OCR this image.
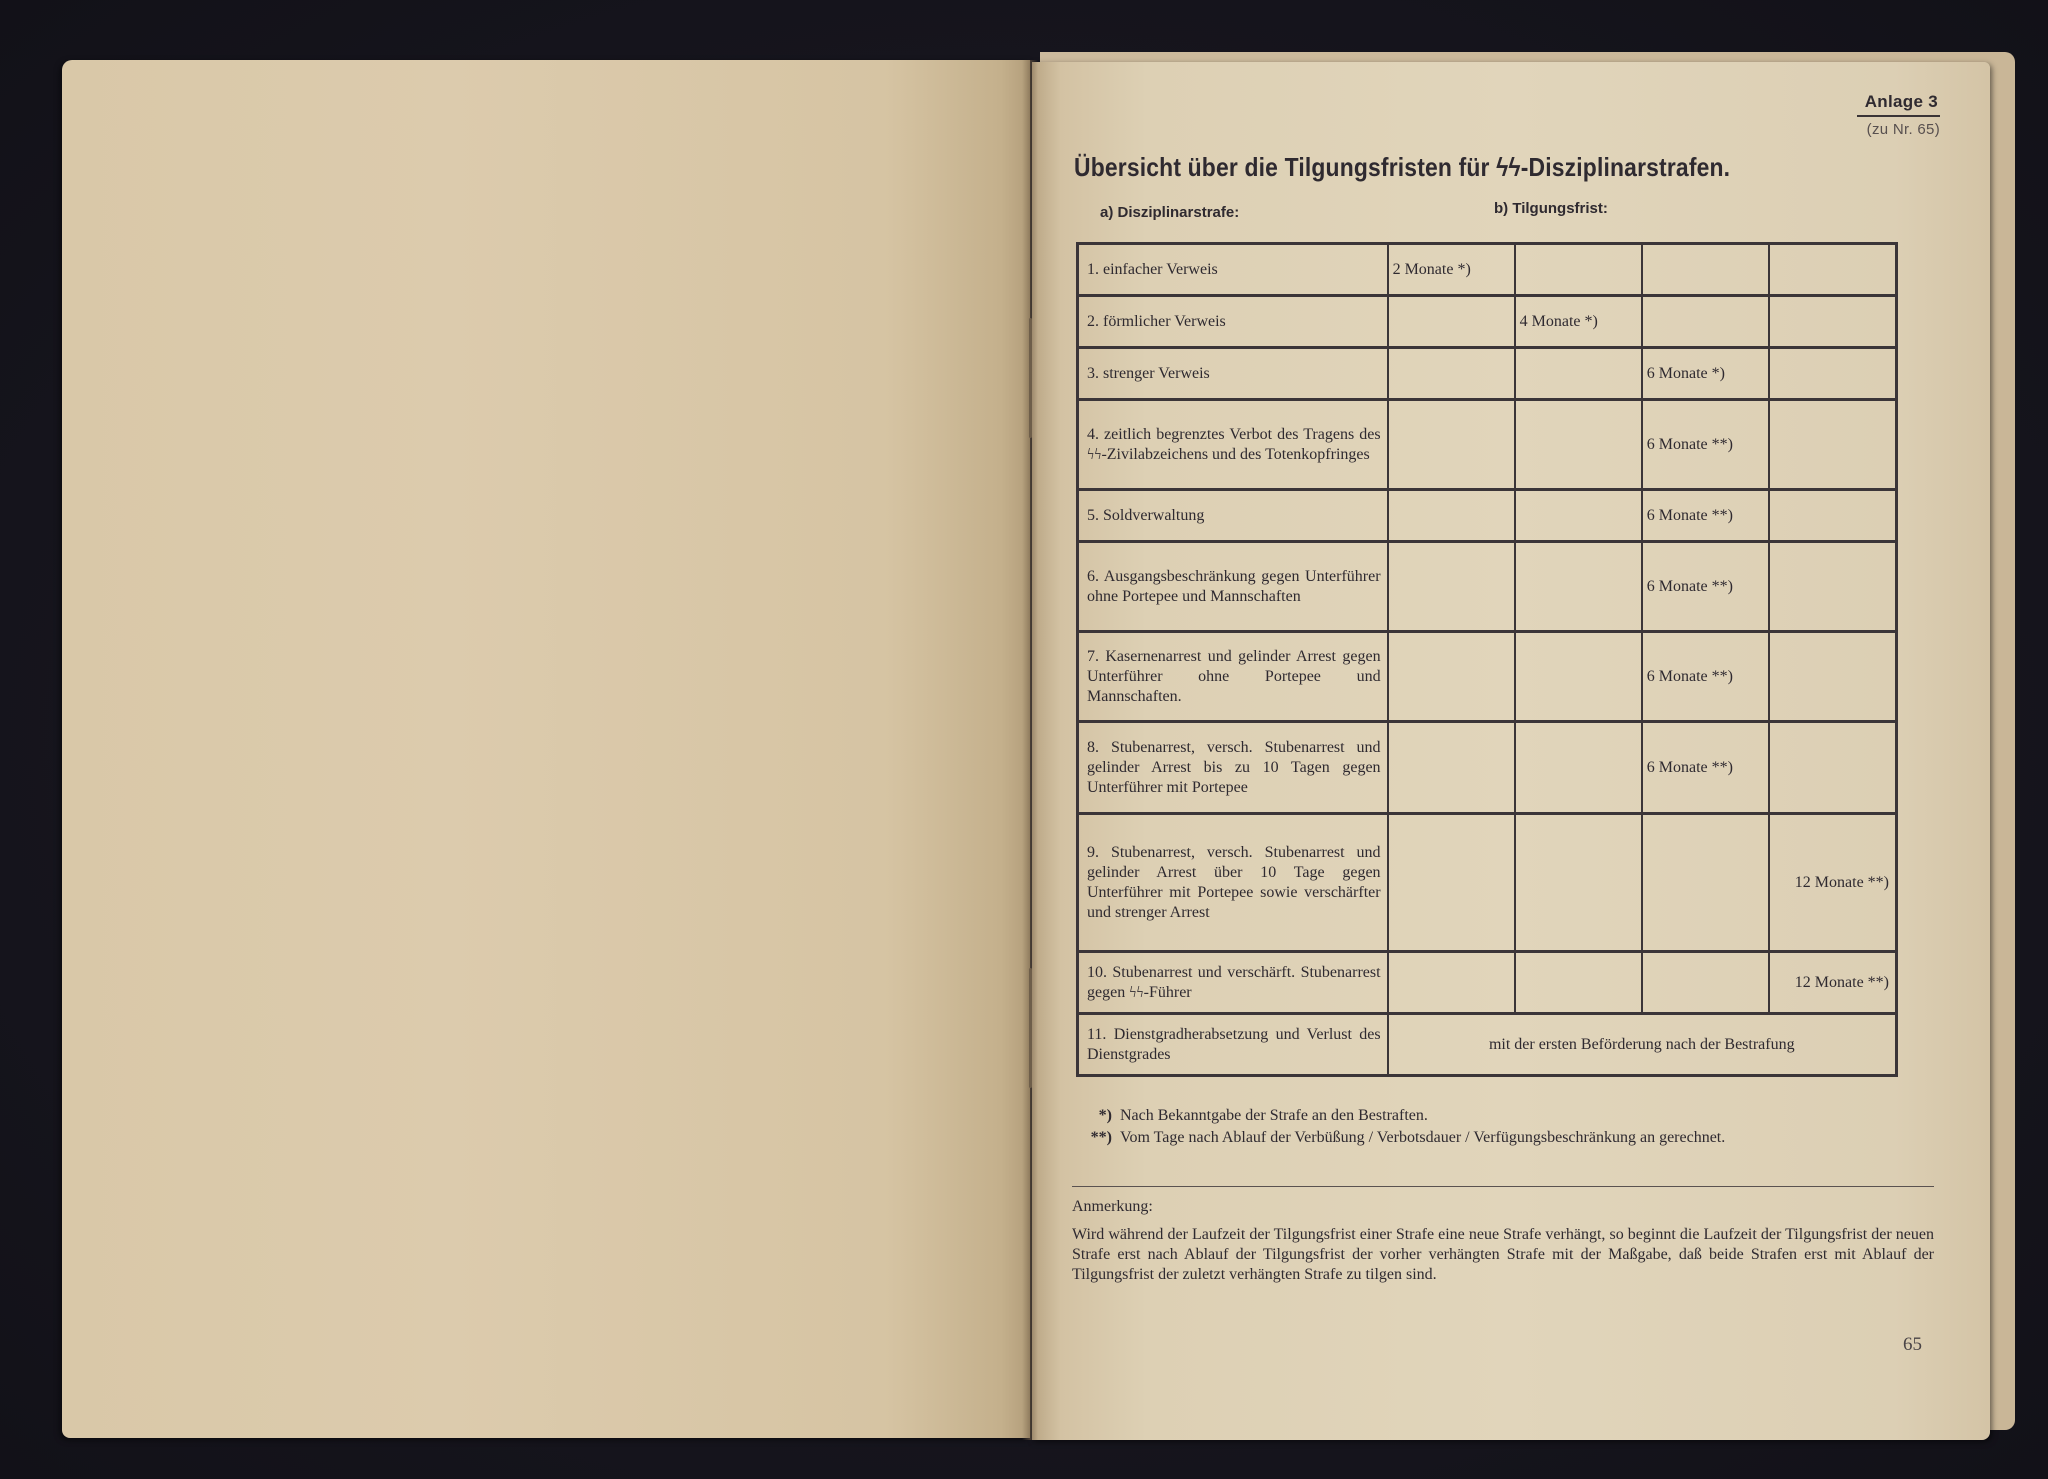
Anlage 3
(zu Nr. 65)
Übersicht über die Tilgungsfristen für ϟϟ-Disziplinarstrafen.
a) Disziplinarstrafe:	b) Tilgungsfrist:
1. einfacher Verweis	2 Monate *)			
2. förmlicher Verweis		4 Monate *)		
3. strenger Verweis			6 Monate *)	
4. zeitlich begrenztes Verbot des Tragens des ϟϟ-Zivilabzeichens und des Totenkopfringes			6 Monate **)	
5. Soldverwaltung			6 Monate **)	
6. Ausgangsbeschränkung gegen Unterführer ohne Portepee und Mannschaften			6 Monate **)	
7. Kasernenarrest und gelinder Arrest gegen Unterführer ohne Portepee und Mannschaften.			6 Monate **)	
8. Stubenarrest, versch. Stubenarrest und gelinder Arrest bis zu 10 Tagen gegen Unterführer mit Portepee			6 Monate **)	
9. Stubenarrest, versch. Stubenarrest und gelinder Arrest über 10 Tage gegen Unterführer mit Portepee sowie verschärfter und strenger Arrest				12 Monate **)
10. Stubenarrest und verschärft. Stubenarrest gegen ϟϟ-Führer				12 Monate **)
11. Dienstgradherabsetzung und Verlust des Dienstgrades	mit der ersten Beförderung nach der Bestrafung			
*) Nach Bekanntgabe der Strafe an den Bestraften.
**) Vom Tage nach Ablauf der Verbüßung / Verbotsdauer / Verfügungsbeschränkung an gerechnet.
Anmerkung:
Wird während der Laufzeit der Tilgungsfrist einer Strafe eine neue Strafe verhängt, so beginnt die Laufzeit der Tilgungsfrist der neuen Strafe erst nach Ablauf der Tilgungsfrist der vorher verhängten Strafe mit der Maßgabe, daß beide Strafen erst mit Ablauf der Tilgungsfrist der zuletzt verhängten Strafe zu tilgen sind.
65
